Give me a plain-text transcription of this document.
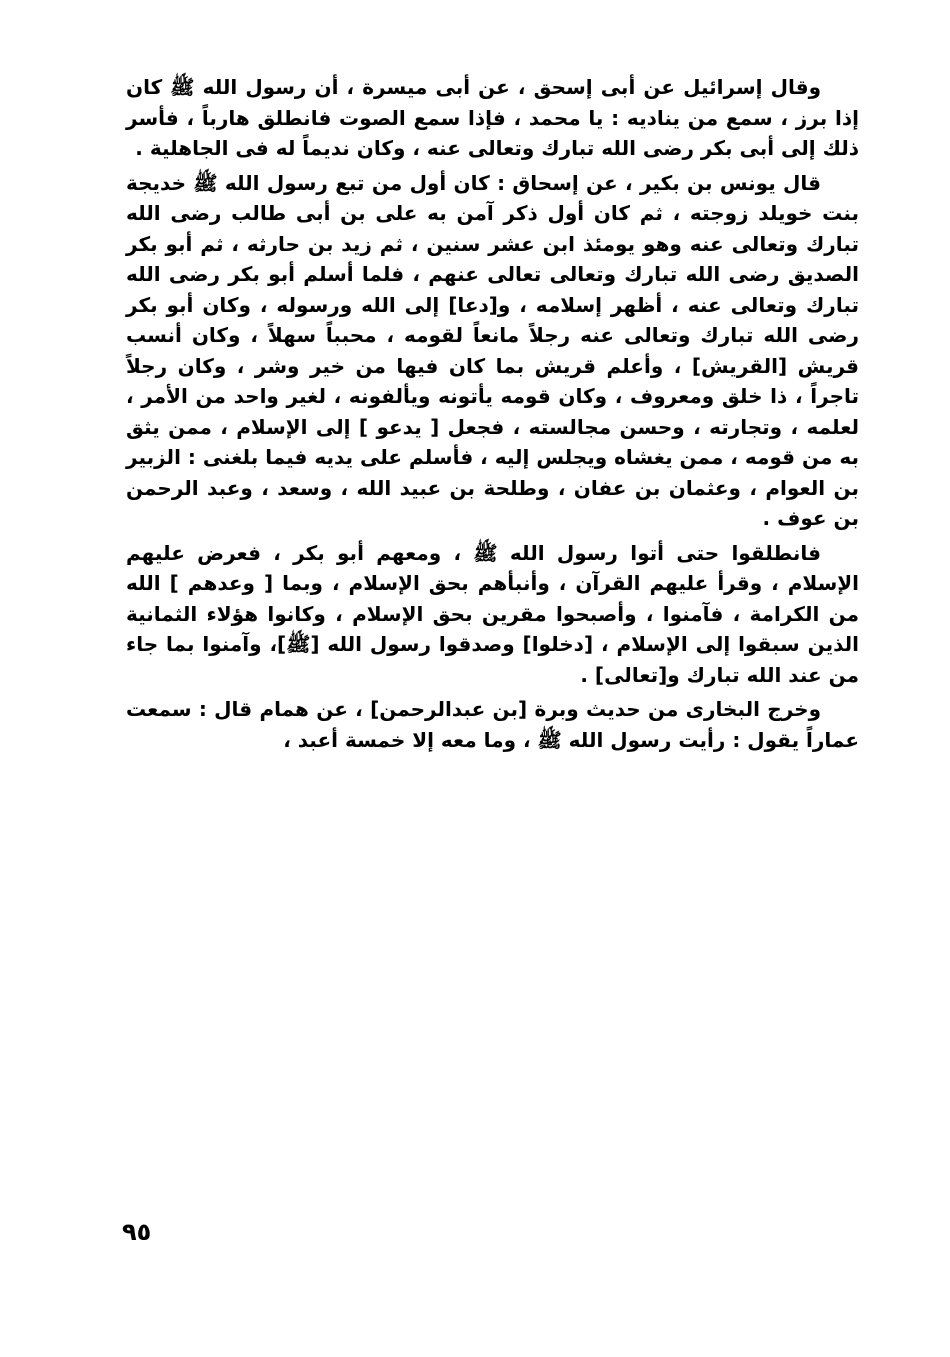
وقال إسرائيل عن أبى إسحق ، عن أبى ميسرة ، أن رسول الله ﷺ كان إذا برز ، سمع من يناديه : يا محمد ، فإذا سمع الصوت فانطلق هارباً ، فأسر ذلك إلى أبى بكر رضى الله تبارك وتعالى عنه ، وكان نديماً له فى الجاهلية .

قال يونس بن بكير ، عن إسحاق : كان أول من تبع رسول الله ﷺ خديجة بنت خويلد زوجته ، ثم كان أول ذكر آمن به على بن أبى طالب رضى الله تبارك وتعالى عنه وهو يومئذ ابن عشر سنين ، ثم زيد بن حارثه ، ثم أبو بكر الصديق رضى الله تبارك وتعالى تعالى عنهم ، فلما أسلم أبو بكر رضى الله تبارك وتعالى عنه ، أظهر إسلامه ، و[دعا] إلى الله ورسوله ، وكان أبو بكر رضى الله تبارك وتعالى عنه رجلاً مانعاً لقومه ، محبباً سهلاً ، وكان أنسب قريش [القريش] ، وأعلم قريش بما كان فيها من خير وشر ، وكان رجلاً تاجراً ، ذا خلق ومعروف ، وكان قومه يأتونه ويألفونه ، لغير واحد من الأمر ، لعلمه ، وتجارته ، وحسن مجالسته ، فجعل [ يدعو ] إلى الإسلام ، ممن يثق به من قومه ، ممن يغشاه ويجلس إليه ، فأسلم على يديه فيما بلغنى : الزبير بن العوام ، وعثمان بن عفان ، وطلحة بن عبيد الله ، وسعد ، وعبد الرحمن بن عوف .

فانطلقوا حتى أتوا رسول الله ﷺ ، ومعهم أبو بكر ، فعرض عليهم الإسلام ، وقرأ عليهم القرآن ، وأنبأهم بحق الإسلام ، وبما [ وعدهم ] الله من الكرامة ، فآمنوا ، وأصبحوا مقرين بحق الإسلام ، وكانوا هؤلاء الثمانية الذين سبقوا إلى الإسلام ، [دخلوا] وصدقوا رسول الله [ﷺ]، وآمنوا بما جاء من عند الله تبارك و[تعالى] .

وخرج البخارى من حديث وبرة [بن عبدالرحمن] ، عن همام قال : سمعت عماراً يقول : رأيت رسول الله ﷺ ، وما معه إلا خمسة أعبد ،

٩٥
